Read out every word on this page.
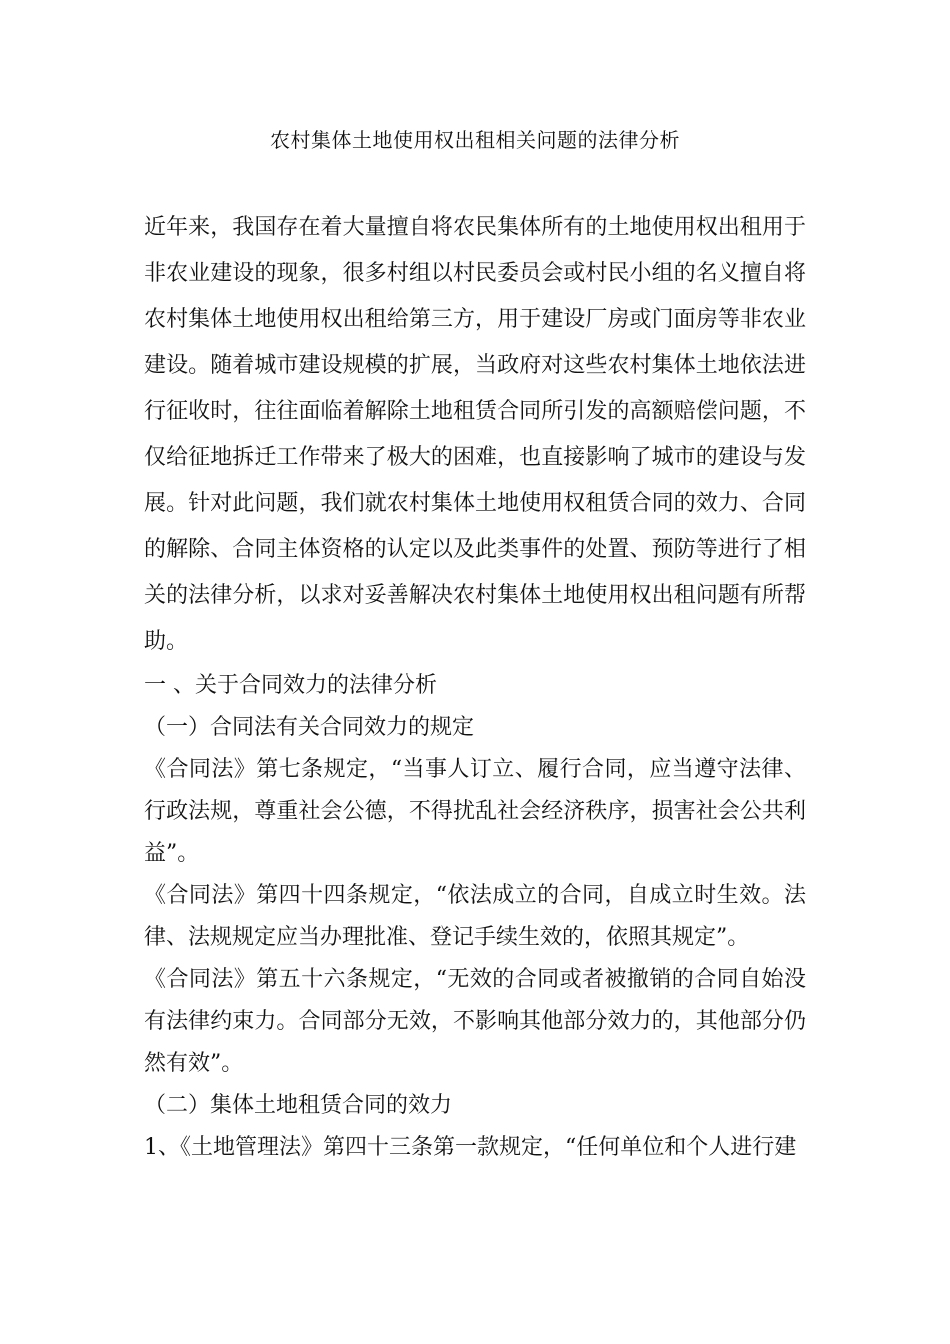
农村集体土地使用权出租相关问题的法律分析

近年来，我国存在着大量擅自将农民集体所有的土地使用权出租用于非农业建设的现象，很多村组以村民委员会或村民小组的名义擅自将农村集体土地使用权出租给第三方，用于建设厂房或门面房等非农业建设。随着城市建设规模的扩展，当政府对这些农村集体土地依法进行征收时，往往面临着解除土地租赁合同所引发的高额赔偿问题，不仅给征地拆迁工作带来了极大的困难，也直接影响了城市的建设与发展。针对此问题，我们就农村集体土地使用权租赁合同的效力、合同的解除、合同主体资格的认定以及此类事件的处置、预防等进行了相关的法律分析，以求对妥善解决农村集体土地使用权出租问题有所帮助。

一 、关于合同效力的法律分析

（一）合同法有关合同效力的规定

《合同法》第七条规定，“当事人订立、履行合同，应当遵守法律、行政法规，尊重社会公德，不得扰乱社会经济秩序，损害社会公共利益”。

《合同法》第四十四条规定，“依法成立的合同，自成立时生效。法律、法规规定应当办理批准、登记手续生效的，依照其规定”。

《合同法》第五十六条规定，“无效的合同或者被撤销的合同自始没有法律约束力。合同部分无效，不影响其他部分效力的，其他部分仍然有效”。

（二）集体土地租赁合同的效力

1、《土地管理法》第四十三条第一款规定，“任何单位和个人进行建
